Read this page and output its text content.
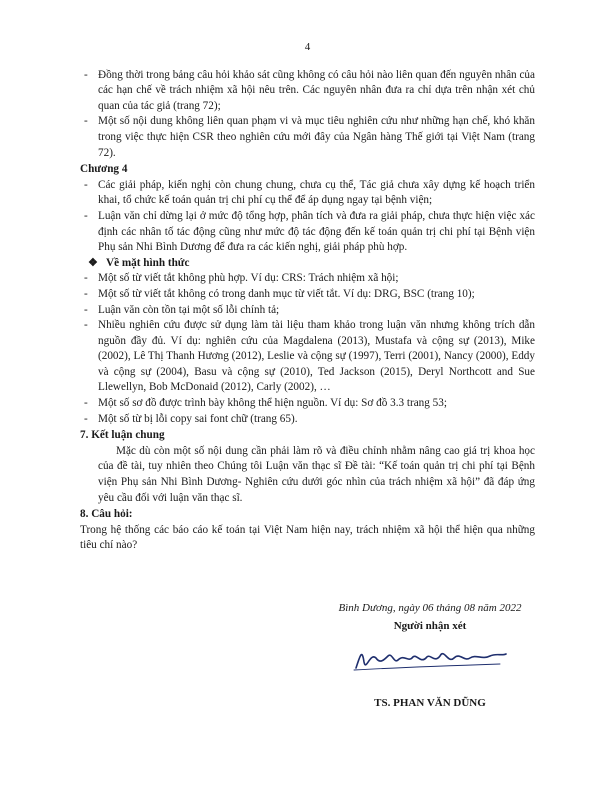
4
- Đồng thời trong bảng câu hỏi khảo sát cũng không có câu hỏi nào liên quan đến nguyên nhân của các hạn chế về trách nhiệm xã hội nêu trên. Các nguyên nhân đưa ra chỉ dựa trên nhận xét chủ quan của tác giả (trang 72);
- Một số nội dung không liên quan phạm vi và mục tiêu nghiên cứu như những hạn chế, khó khăn trong việc thực hiện CSR theo nghiên cứu mới đây của Ngân hàng Thế giới tại Việt Nam (trang 72).

Chương 4

- Các giải pháp, kiến nghị còn chung chung, chưa cụ thể, Tác giả chưa xây dựng kế hoạch triển khai, tổ chức kế toán quản trị chi phí cụ thể để áp dụng ngay tại bệnh viện;
- Luận văn chỉ dừng lại ở mức độ tổng hợp, phân tích và đưa ra giải pháp, chưa thực hiện việc xác định các nhân tố tác động cũng như mức độ tác động đến kế toán quản trị chi phí tại Bệnh viện Phụ sản Nhi Bình Dương để đưa ra các kiến nghị, giải pháp phù hợp.
❖ Về mặt hình thức
- Một số từ viết tắt không phù hợp. Ví dụ: CRS: Trách nhiệm xã hội;
- Một số từ viết tắt không có trong danh mục từ viết tắt. Ví dụ: DRG, BSC (trang 10);
- Luận văn còn tồn tại một số lỗi chính tả;
- Nhiều nghiên cứu được sử dụng làm tài liệu tham khảo trong luận văn nhưng không trích dẫn nguồn đầy đủ. Ví dụ: nghiên cứu của Magdalena (2013), Mustafa và cộng sự (2013), Mike (2002), Lê Thị Thanh Hương (2012), Leslie và cộng sự (1997), Terri (2001), Nancy (2000), Eddy và cộng sự (2004), Basu và cộng sự (2010), Ted Jackson (2015), Deryl Northcott and Sue Llewellyn, Bob McDonaid (2012), Carly (2002), …
- Một số sơ đồ được trình bày không thể hiện nguồn. Ví dụ: Sơ đồ 3.3 trang 53;
- Một số từ bị lỗi copy sai font chữ (trang 65).

7. Kết luận chung

Mặc dù còn một số nội dung cần phải làm rõ và điều chỉnh nhằm nâng cao giá trị khoa học của đề tài, tuy nhiên theo Chúng tôi Luận văn thạc sĩ Đề tài: “Kế toán quản trị chi phí tại Bệnh viện Phụ sản Nhi Bình Dương- Nghiên cứu dưới góc nhìn của trách nhiệm xã hội” đã đáp ứng yêu cầu đối với luận văn thạc sĩ.

8. Câu hỏi:

Trong hệ thống các báo cáo kế toán tại Việt Nam hiện nay, trách nhiệm xã hội thể hiện qua những tiêu chí nào?

Bình Dương, ngày 06 tháng 08 năm 2022
Người nhận xét
TS. PHAN VĂN DŨNG
